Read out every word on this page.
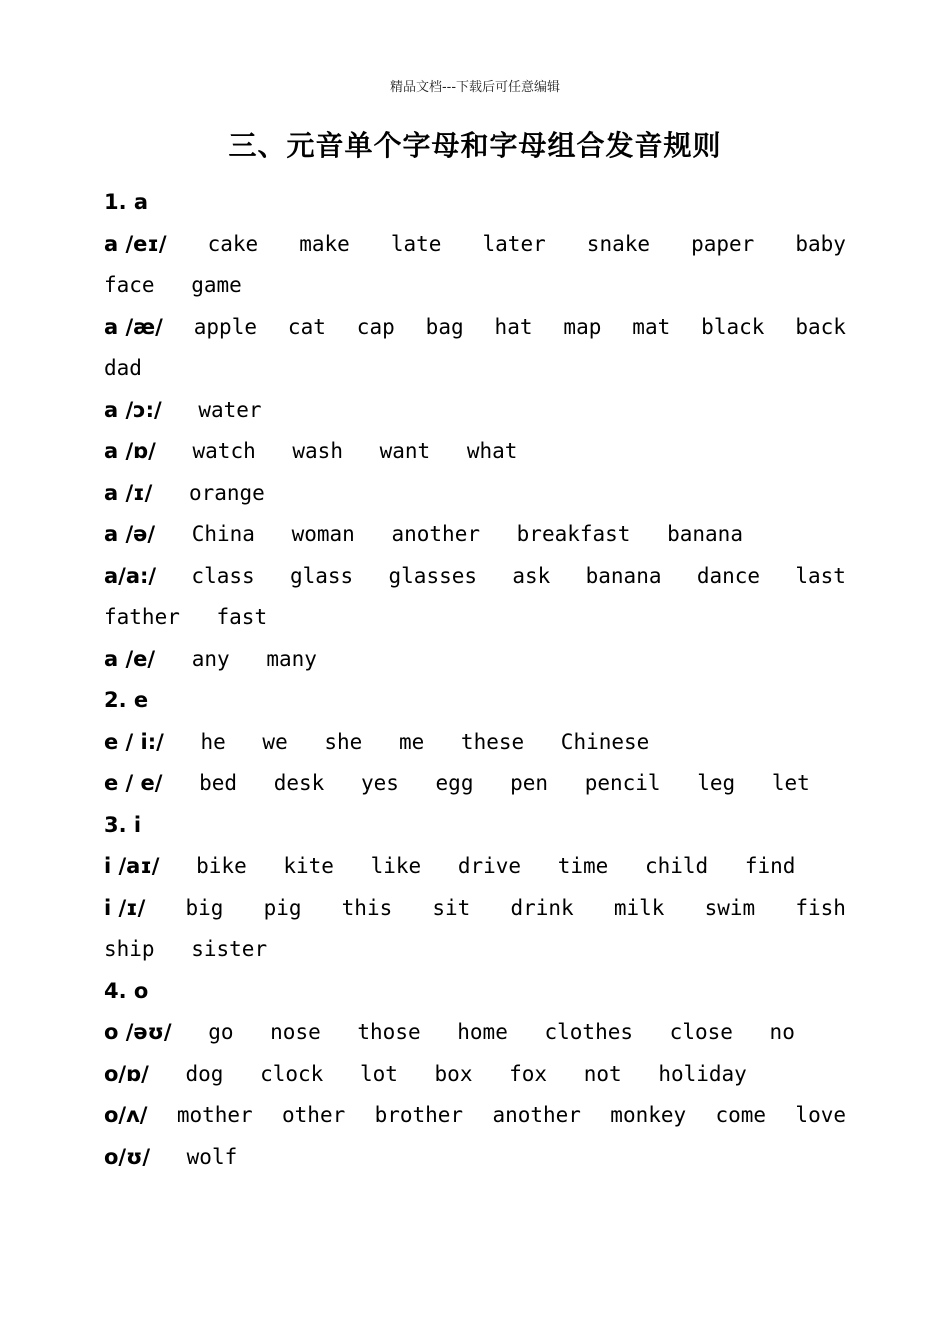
精品文档---下载后可任意编辑
三、元音单个字母和字母组合发音规则
1. a
a /eɪ/ cake make late later snake paper baby
face game
a /æ/ apple cat cap bag hat map mat black back
dad
a /ɔ:/ water
a /ɒ/ watch wash want what
a /ɪ/ orange
a /ə/ China woman another breakfast banana
a/a:/ class glass glasses ask banana dance last
father fast
a /e/ any many
2. e
e / i:/ he we she me these Chinese
e / e/ bed desk yes egg pen pencil leg let
3. i
i /aɪ/ bike kite like drive time child find
i /ɪ/ big pig this sit drink milk swim fish
ship sister
4. o
o /əʊ/ go nose those home clothes close no
o/ɒ/ dog clock lot box fox not holiday
o/ʌ/ mother other brother another monkey come love
o/ʊ/ wolf
